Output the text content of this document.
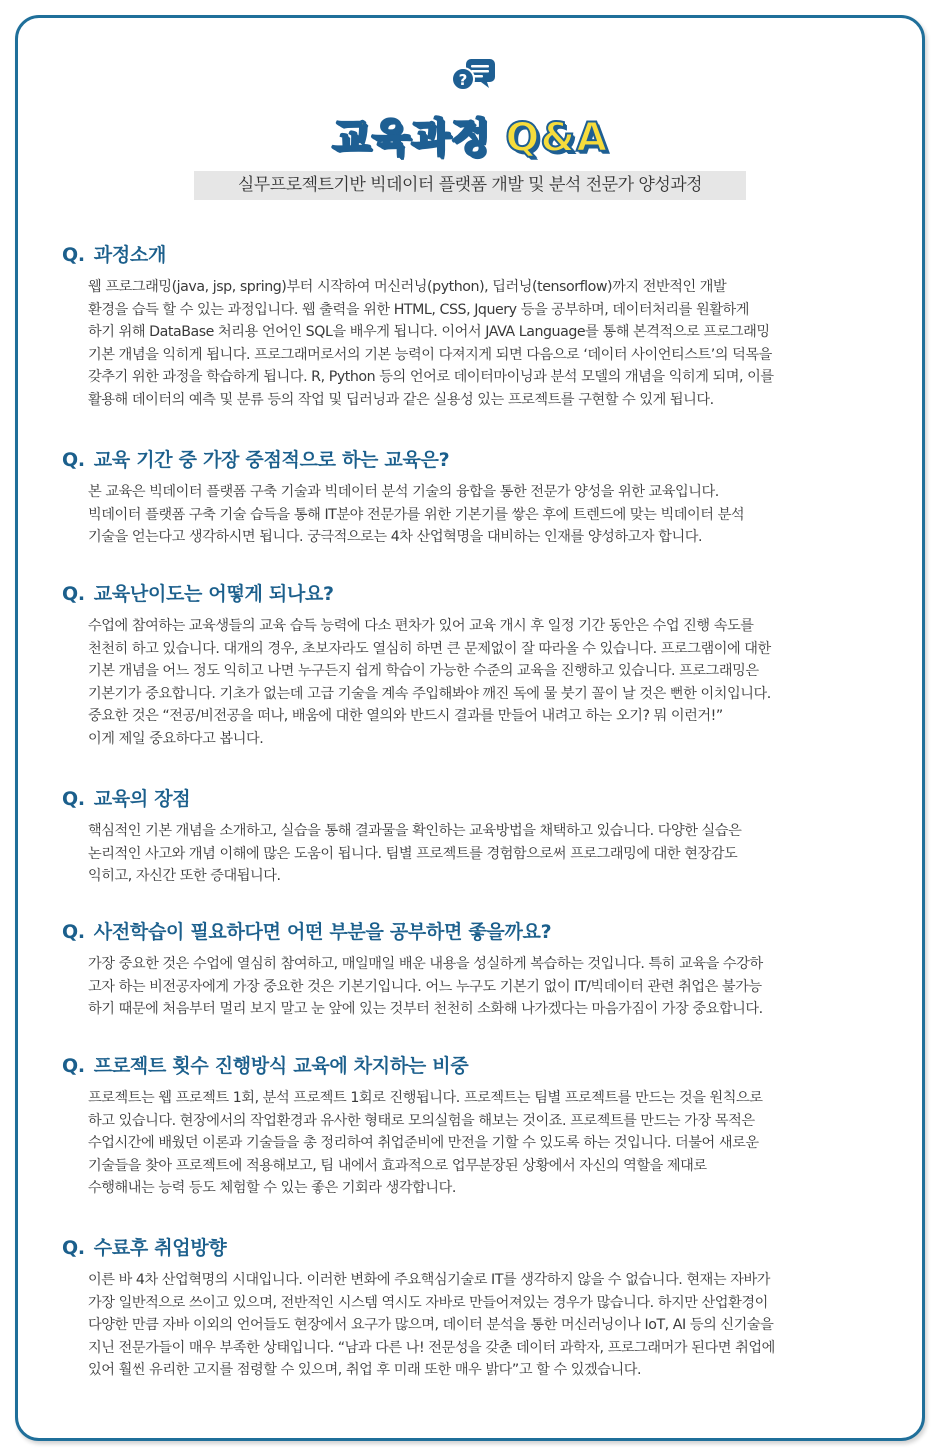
?
교육과정 Q&A
실무프로젝트기반 빅데이터 플랫폼 개발 및 분석 전문가 양성과정
Q. 과정소개
웹 프로그래밍(java, jsp, spring)부터 시작하여 머신러닝(python), 딥러닝(tensorflow)까지 전반적인 개발
환경을 습득 할 수 있는 과정입니다. 웹 출력을 위한 HTML, CSS, Jquery 등을 공부하며, 데이터처리를 원활하게
하기 위해 DataBase 처리용 언어인 SQL을 배우게 됩니다. 이어서 JAVA Language를 통해 본격적으로 프로그래밍
기본 개념을 익히게 됩니다. 프로그래머로서의 기본 능력이 다져지게 되면 다음으로 ‘데이터 사이언티스트’의 덕목을
갖추기 위한 과정을 학습하게 됩니다. R, Python 등의 언어로 데이터마이닝과 분석 모델의 개념을 익히게 되며, 이를
활용해 데이터의 예측 및 분류 등의 작업 및 딥러닝과 같은 실용성 있는 프로젝트를 구현할 수 있게 됩니다.
Q. 교육 기간 중 가장 중점적으로 하는 교육은?
본 교육은 빅데이터 플랫폼 구축 기술과 빅데이터 분석 기술의 융합을 통한 전문가 양성을 위한 교육입니다.
빅데이터 플랫폼 구축 기술 습득을 통해 IT분야 전문가를 위한 기본기를 쌓은 후에 트렌드에 맞는 빅데이터 분석
기술을 얻는다고 생각하시면 됩니다. 궁극적으로는 4차 산업혁명을 대비하는 인재를 양성하고자 합니다.
Q. 교육난이도는 어떻게 되나요?
수업에 참여하는 교육생들의 교육 습득 능력에 다소 편차가 있어 교육 개시 후 일정 기간 동안은 수업 진행 속도를
천천히 하고 있습니다. 대개의 경우, 초보자라도 열심히 하면 큰 문제없이 잘 따라올 수 있습니다. 프로그램이에 대한
기본 개념을 어느 정도 익히고 나면 누구든지 쉽게 학습이 가능한 수준의 교육을 진행하고 있습니다. 프로그래밍은
기본기가 중요합니다. 기초가 없는데 고급 기술을 계속 주입해봐야 깨진 독에 물 붓기 꼴이 날 것은 뻔한 이치입니다.
중요한 것은 “전공/비전공을 떠나, 배움에 대한 열의와 반드시 결과를 만들어 내려고 하는 오기? 뭐 이런거!”
이게 제일 중요하다고 봅니다.
Q. 교육의 장점
핵심적인 기본 개념을 소개하고, 실습을 통해 결과물을 확인하는 교육방법을 채택하고 있습니다. 다양한 실습은
논리적인 사고와 개념 이해에 많은 도움이 됩니다. 팀별 프로젝트를 경험함으로써 프로그래밍에 대한 현장감도
익히고, 자신간 또한 증대됩니다.
Q. 사전학습이 필요하다면 어떤 부분을 공부하면 좋을까요?
가장 중요한 것은 수업에 열심히 참여하고, 매일매일 배운 내용을 성실하게 복습하는 것입니다. 특히 교육을 수강하
고자 하는 비전공자에게 가장 중요한 것은 기본기입니다. 어느 누구도 기본기 없이 IT/빅데이터 관련 취업은 불가능
하기 때문에 처음부터 멀리 보지 말고 눈 앞에 있는 것부터 천천히 소화해 나가겠다는 마음가짐이 가장 중요합니다.
Q. 프로젝트 횟수 진행방식 교육에 차지하는 비중
프로젝트는 웹 프로젝트 1회, 분석 프로젝트 1회로 진행됩니다. 프로젝트는 팀별 프로젝트를 만드는 것을 원칙으로
하고 있습니다. 현장에서의 작업환경과 유사한 형태로 모의실험을 해보는 것이죠. 프로젝트를 만드는 가장 목적은
수업시간에 배웠던 이론과 기술들을 총 정리하여 취업준비에 만전을 기할 수 있도록 하는 것입니다. 더불어 새로운
기술들을 찾아 프로젝트에 적용해보고, 팀 내에서 효과적으로 업무분장된 상황에서 자신의 역할을 제대로
수행해내는 능력 등도 체험할 수 있는 좋은 기회라 생각합니다.
Q. 수료후 취업방향
이른 바 4차 산업혁명의 시대입니다. 이러한 변화에 주요핵심기술로 IT를 생각하지 않을 수 없습니다. 현재는 자바가
가장 일반적으로 쓰이고 있으며, 전반적인 시스템 역시도 자바로 만들어져있는 경우가 많습니다. 하지만 산업환경이
다양한 만큼 자바 이외의 언어들도 현장에서 요구가 많으며, 데이터 분석을 통한 머신러닝이나 IoT, AI 등의 신기술을
지닌 전문가들이 매우 부족한 상태입니다. “남과 다른 나! 전문성을 갖춘 데이터 과학자, 프로그래머가 된다면 취업에
있어 훨씬 유리한 고지를 점령할 수 있으며, 취업 후 미래 또한 매우 밝다”고 할 수 있겠습니다.
